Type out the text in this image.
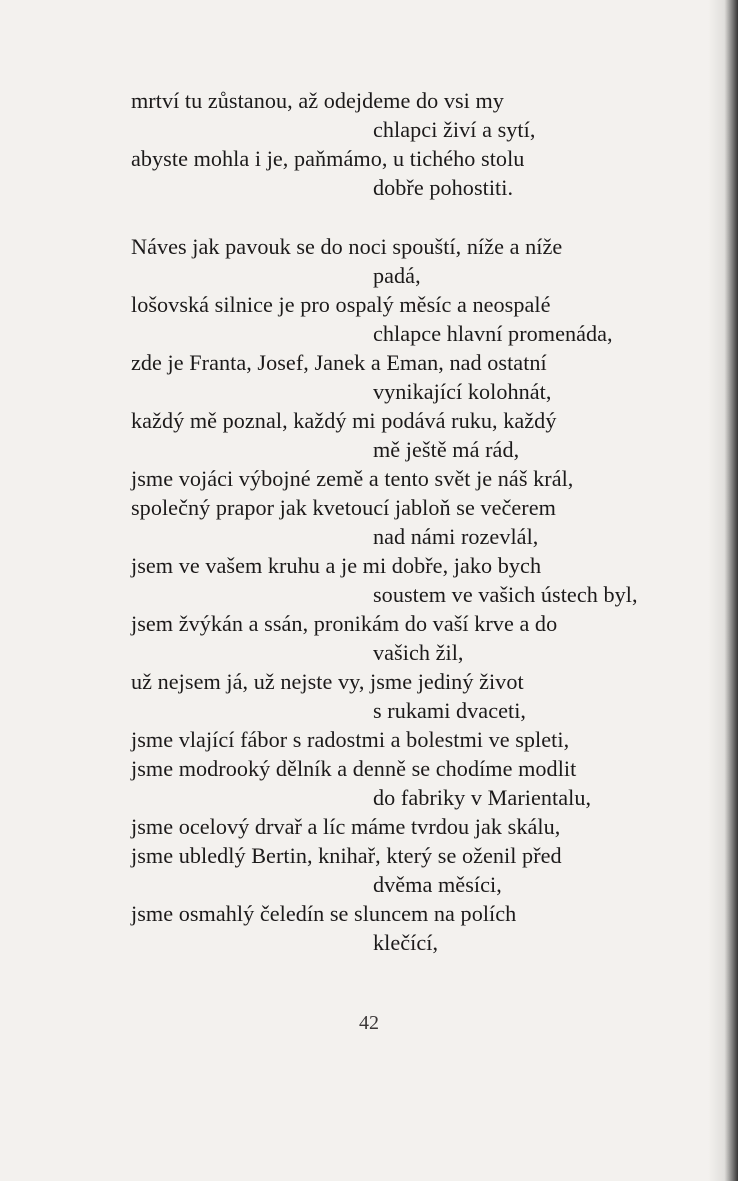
mrtví tu zůstanou, až odejdeme do vsi my
chlapci živí a sytí,
abyste mohla i je, paňmámo, u tichého stolu
dobře pohostiti.
Náves jak pavouk se do noci spouští, níže a níže
padá,
lošovská silnice je pro ospalý měsíc a neospalé
chlapce hlavní promenáda,
zde je Franta, Josef, Janek a Eman, nad ostatní
vynikající kolohnát,
každý mě poznal, každý mi podává ruku, každý
mě ještě má rád,
jsme vojáci výbojné země a tento svět je náš král,
společný prapor jak kvetoucí jabloň se večerem
nad námi rozevlál,
jsem ve vašem kruhu a je mi dobře, jako bych
soustem ve vašich ústech byl,
jsem žvýkán a ssán, pronikám do vaší krve a do
vašich žil,
už nejsem já, už nejste vy, jsme jediný život
s rukami dvaceti,
jsme vlající fábor s radostmi a bolestmi ve spleti,
jsme modrooký dělník a denně se chodíme modlit
do fabriky v Marientalu,
jsme ocelový drvař a líc máme tvrdou jak skálu,
jsme ubledlý Bertin, knihař, který se oženil před
dvěma měsíci,
jsme osmahlý čeledín se sluncem na polích
klečící,
42
